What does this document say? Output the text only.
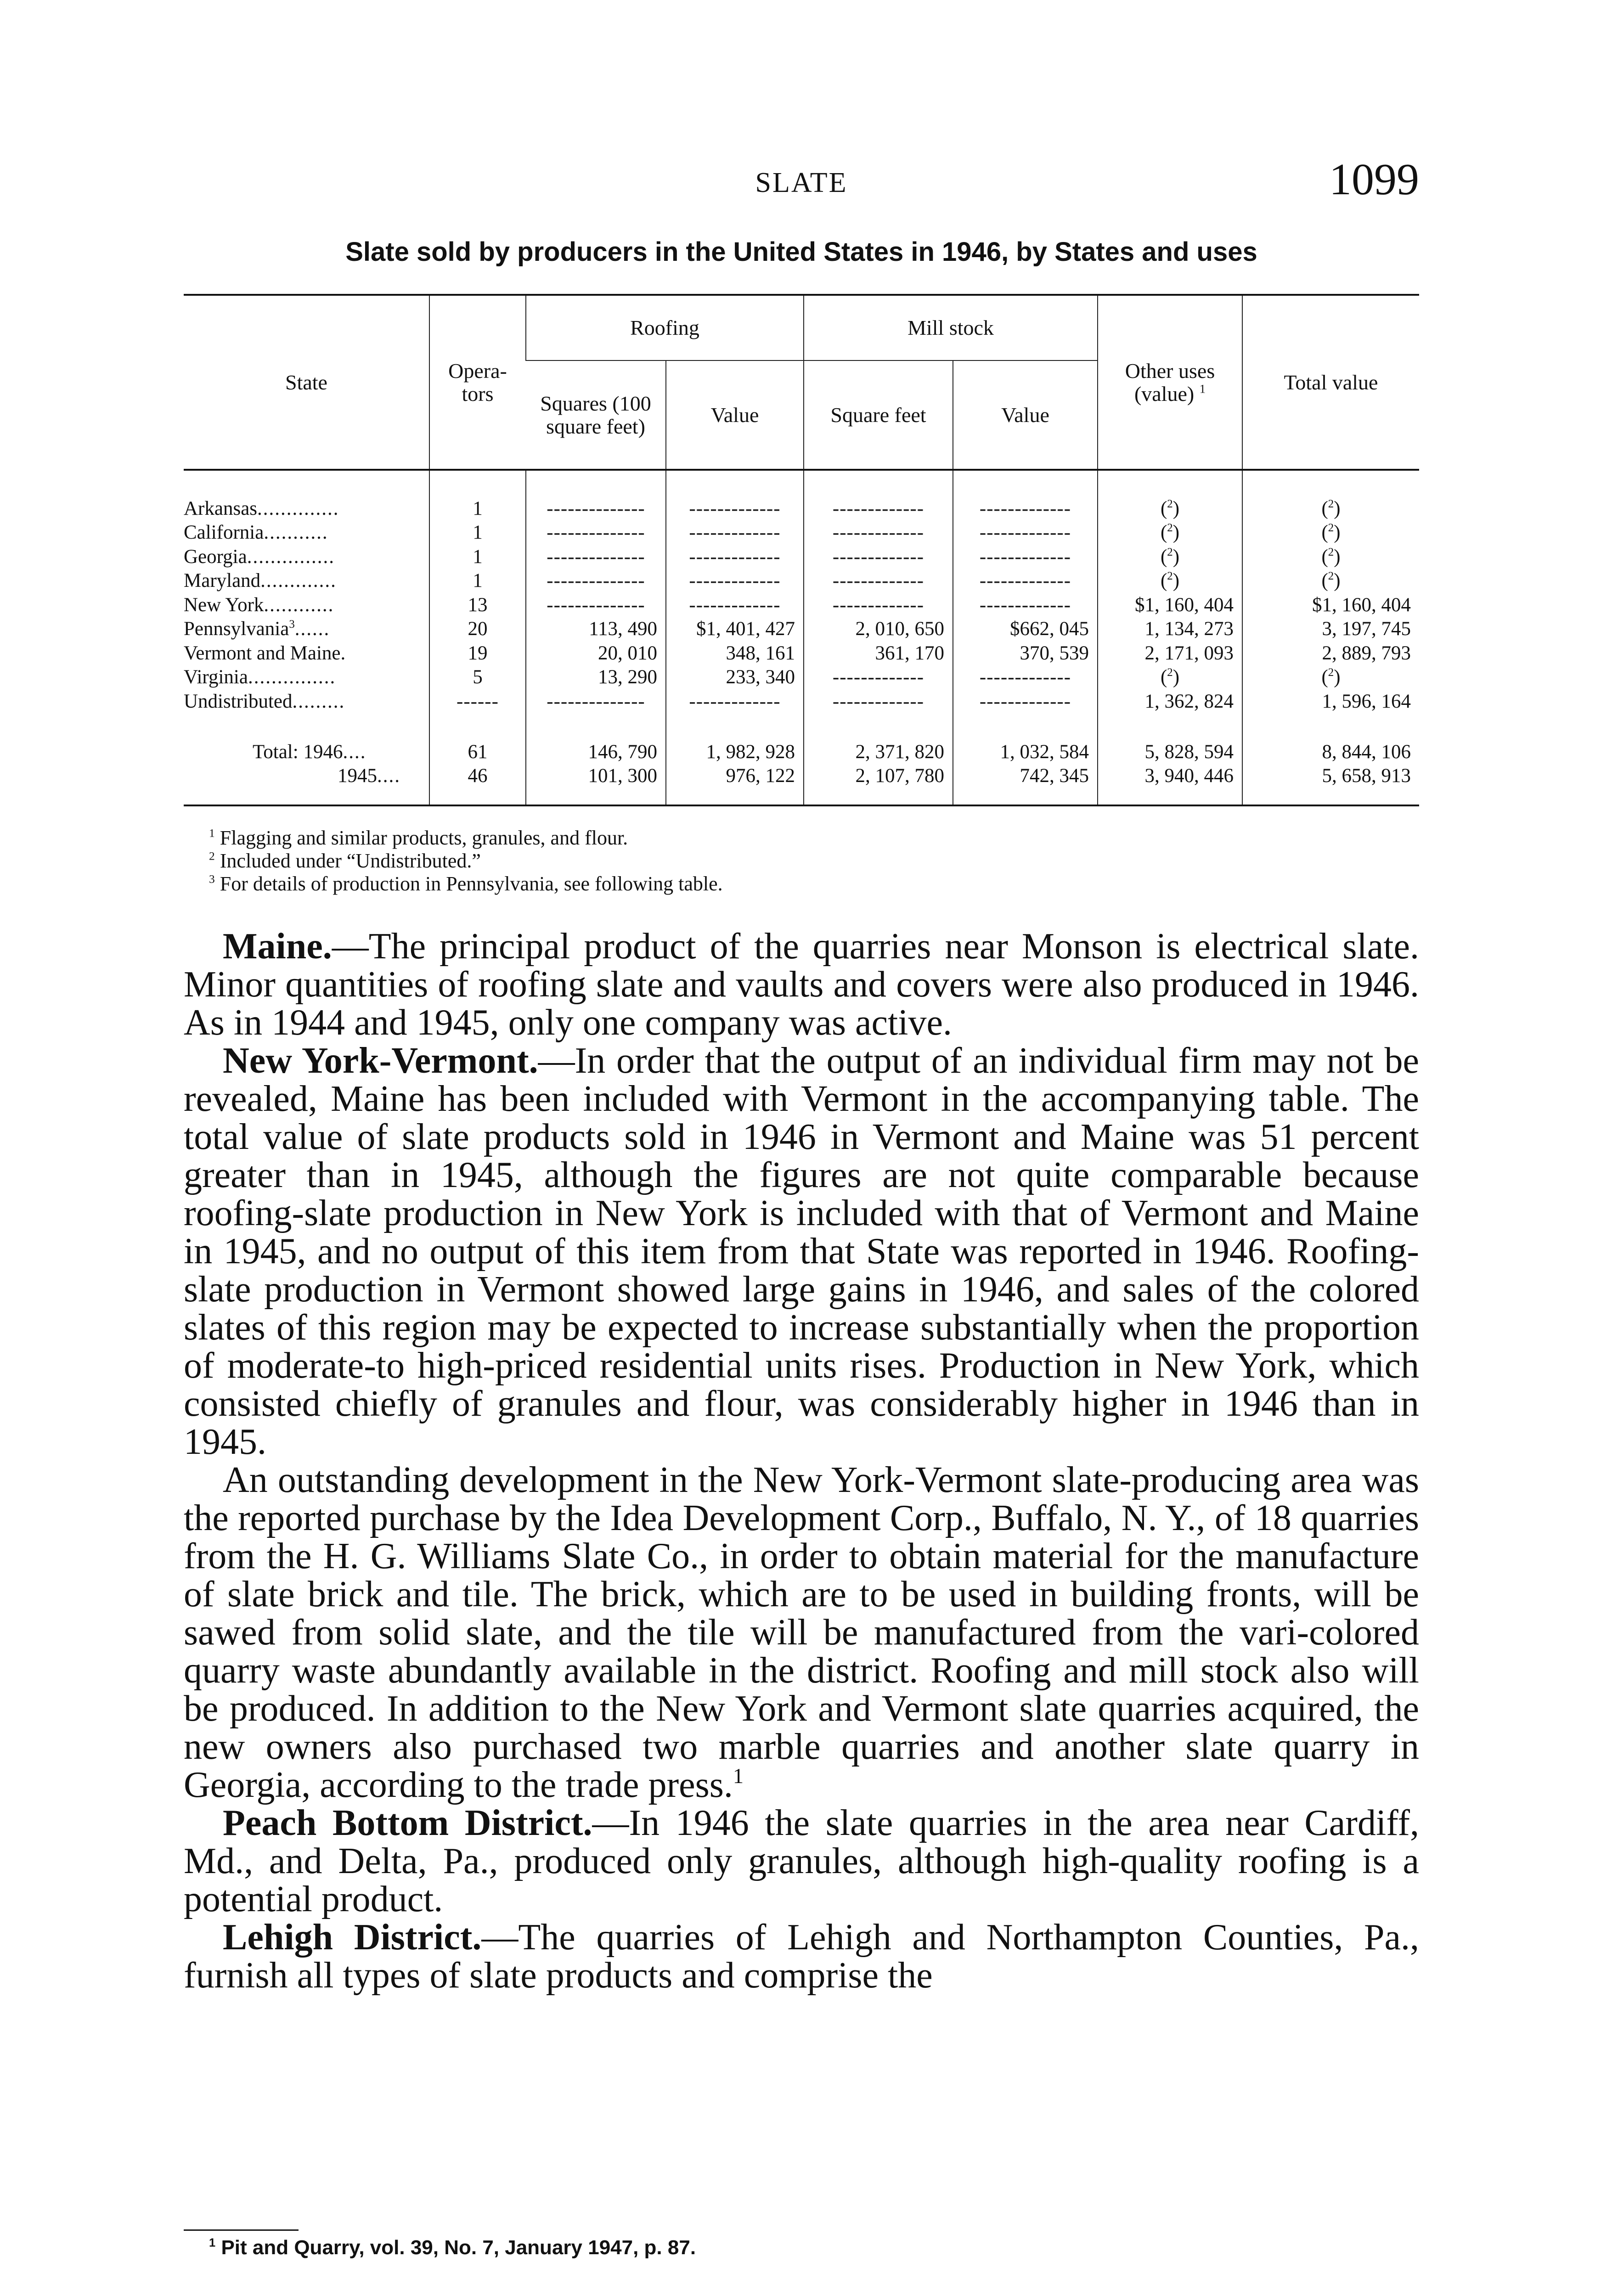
SLATE	1099
Slate sold by producers in the United States in 1946, by States and uses
State	Opera-tors	Roofing		Mill stock		Other uses (value) $^1$	Total value
		Squares (100 square feet)	Value	Square feet	Value		
Arkansas..............	1	--------------	-------------	-------------	-------------	($^2$)	($^2$)
California...........	1	--------------	-------------	-------------	-------------	($^2$)	($^2$)
Georgia...............	1	--------------	-------------	-------------	-------------	($^2$)	($^2$)
Maryland.............	1	--------------	-------------	-------------	-------------	($^2$)	($^2$)
New York............	13	--------------	-------------	-------------	-------------	$1, 160, 404	$1, 160, 404
Pennsylvania$^3$......	20	113, 490	$1, 401, 427	2, 010, 650	$662, 045	1, 134, 273	3, 197, 745
Vermont and Maine.	19	20, 010	348, 161	361, 170	370, 539	2, 171, 093	2, 889, 793
Virginia...............	5	13, 290	233, 340	-------------	-------------	($^2$)	($^2$)
Undistributed.........	------	--------------	-------------	-------------	-------------	1, 362, 824	1, 596, 164
Total: 1946....	61	146, 790	1, 982, 928	2, 371, 820	1, 032, 584	5, 828, 594	8, 844, 106
1945....	46	101, 300	976, 122	2, 107, 780	742, 345	3, 940, 446	5, 658, 913

$^1$ Flagging and similar products, granules, and flour.

$^2$ Included under “Undistributed.”

$^3$ For details of production in Pennsylvania, see following table.

Maine.—The principal product of the quarries near Monson is electrical slate. Minor quantities of roofing slate and vaults and covers were also produced in 1946. As in 1944 and 1945, only one company was active.

New York-Vermont.—In order that the output of an individual firm may not be revealed, Maine has been included with Vermont in the accompanying table. The total value of slate products sold in 1946 in Vermont and Maine was 51 percent greater than in 1945, although the figures are not quite comparable because roofing-slate production in New York is included with that of Vermont and Maine in 1945, and no output of this item from that State was reported in 1946. Roofing-slate production in Vermont showed large gains in 1946, and sales of the colored slates of this region may be expected to increase substantially when the proportion of moderate-to high-priced residential units rises. Production in New York, which consisted chiefly of granules and flour, was considerably higher in 1946 than in 1945.

An outstanding development in the New York-Vermont slate-producing area was the reported purchase by the Idea Development Corp., Buffalo, N. Y., of 18 quarries from the H. G. Williams Slate Co., in order to obtain material for the manufacture of slate brick and tile. The brick, which are to be used in building fronts, will be sawed from solid slate, and the tile will be manufactured from the vari-colored quarry waste abundantly available in the district. Roofing and mill stock also will be produced. In addition to the New York and Vermont slate quarries acquired, the new owners also purchased two marble quarries and another slate quarry in Georgia, according to the trade press.$^1$

Peach Bottom District.—In 1946 the slate quarries in the area near Cardiff, Md., and Delta, Pa., produced only granules, although high-quality roofing is a potential product.

Lehigh District.—The quarries of Lehigh and Northampton Counties, Pa., furnish all types of slate products and comprise the

$^1$ Pit and Quarry, vol. 39, No. 7, January 1947, p. 87.
